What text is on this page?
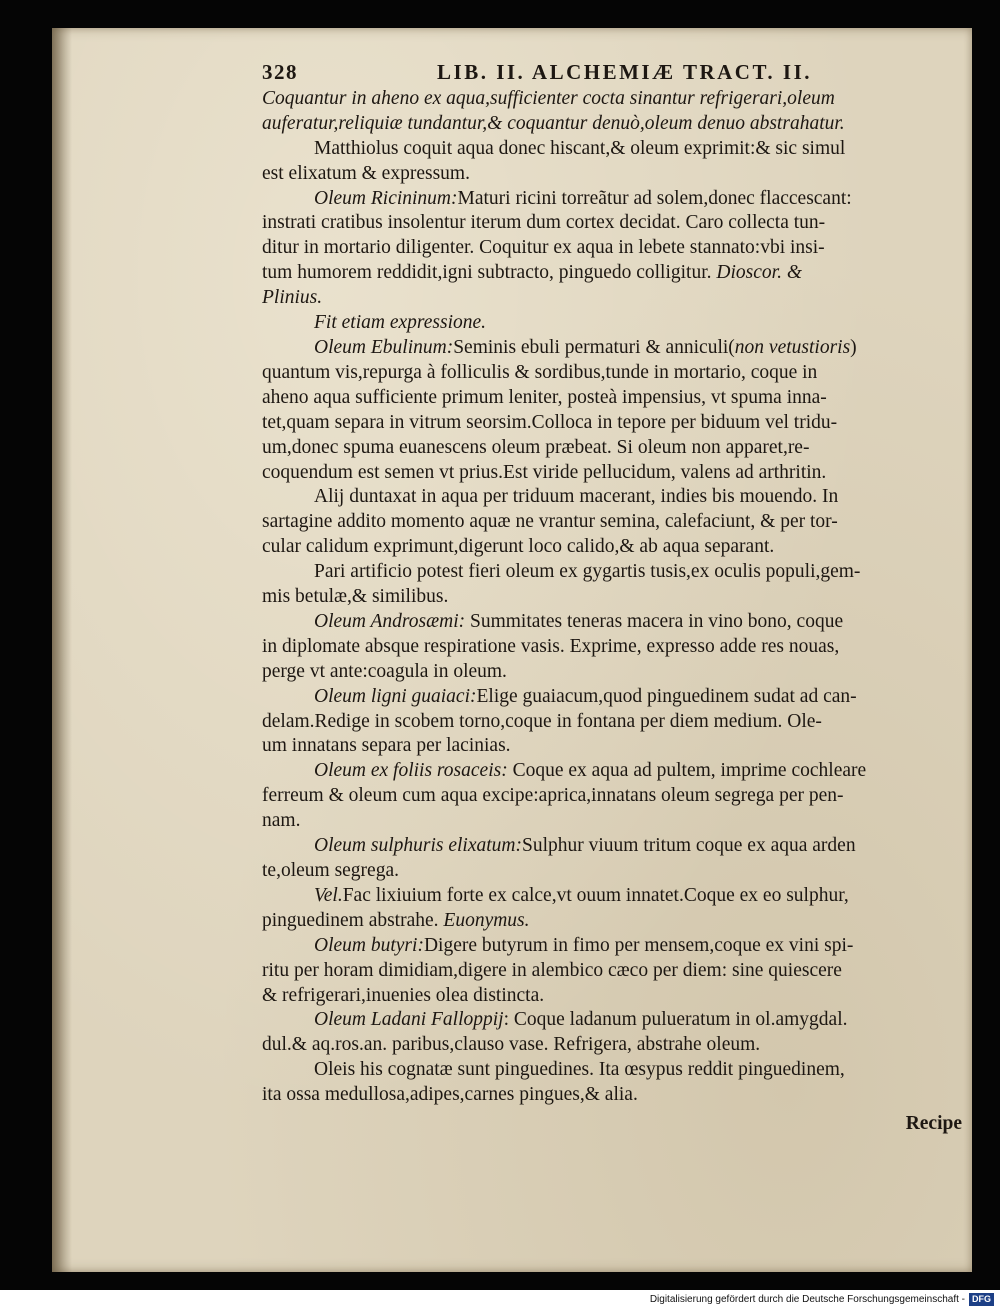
328	LIB. II. ALCHEMIÆ TRACT. II.
Coquantur in aheno ex aqua,sufficienter cocta sinantur refrigerari,oleum
auferatur,reliquiæ tundantur,& coquantur denuò,oleum denuo abstrahatur.
Matthiolus coquit aqua donec hiscant,& oleum exprimit:& sic simul
est elixatum & expressum.
Oleum Ricininum:Maturi ricini torreãtur ad solem,donec flaccescant:
instrati cratibus insolentur iterum dum cortex decidat. Caro collecta tun-
ditur in mortario diligenter. Coquitur ex aqua in lebete stannato:vbi insi-
tum humorem reddidit,igni subtracto, pinguedo colligitur. Dioscor. &
Plinius.
Fit etiam expressione.
Oleum Ebulinum:Seminis ebuli permaturi & anniculi(non vetustioris)
quantum vis,repurga à folliculis & sordibus,tunde in mortario, coque in
aheno aqua sufficiente primum leniter, posteà impensius, vt spuma inna-
tet,quam separa in vitrum seorsim.Colloca in tepore per biduum vel tridu-
um,donec spuma euanescens oleum præbeat. Si oleum non apparet,re-
coquendum est semen vt prius.Est viride pellucidum, valens ad arthritin.
Alij duntaxat in aqua per triduum macerant, indies bis mouendo. In
sartagine addito momento aquæ ne vrantur semina, calefaciunt, & per tor-
cular calidum exprimunt,digerunt loco calido,& ab aqua separant.
Pari artificio potest fieri oleum ex gygartis tusis,ex oculis populi,gem-
mis betulæ,& similibus.
Oleum Androsæmi: Summitates teneras macera in vino bono, coque
in diplomate absque respiratione vasis. Exprime, expresso adde res nouas,
perge vt ante:coagula in oleum.
Oleum ligni guaiaci:Elige guaiacum,quod pinguedinem sudat ad can-
delam.Redige in scobem torno,coque in fontana per diem medium. Ole-
um innatans separa per lacinias.
Oleum ex foliis rosaceis: Coque ex aqua ad pultem, imprime cochleare
ferreum & oleum cum aqua excipe:aprica,innatans oleum segrega per pen-
nam.
Oleum sulphuris elixatum:Sulphur viuum tritum coque ex aqua arden
te,oleum segrega.
Vel.Fac lixiuium forte ex calce,vt ouum innatet.Coque ex eo sulphur,
pinguedinem abstrahe. Euonymus.
Oleum butyri:Digere butyrum in fimo per mensem,coque ex vini spi-
ritu per horam dimidiam,digere in alembico cæco per diem: sine quiescere
& refrigerari,inuenies olea distincta.
Oleum Ladani Falloppij: Coque ladanum pulueratum in ol.amygdal.
dul.& aq.ros.an. paribus,clauso vase. Refrigera, abstrahe oleum.
Oleis his cognatæ sunt pinguedines. Ita œsypus reddit pinguedinem,
ita ossa medullosa,adipes,carnes pingues,& alia.
Recipe
Digitalisierung gefördert durch die Deutsche Forschungsgemeinschaft - DFG
